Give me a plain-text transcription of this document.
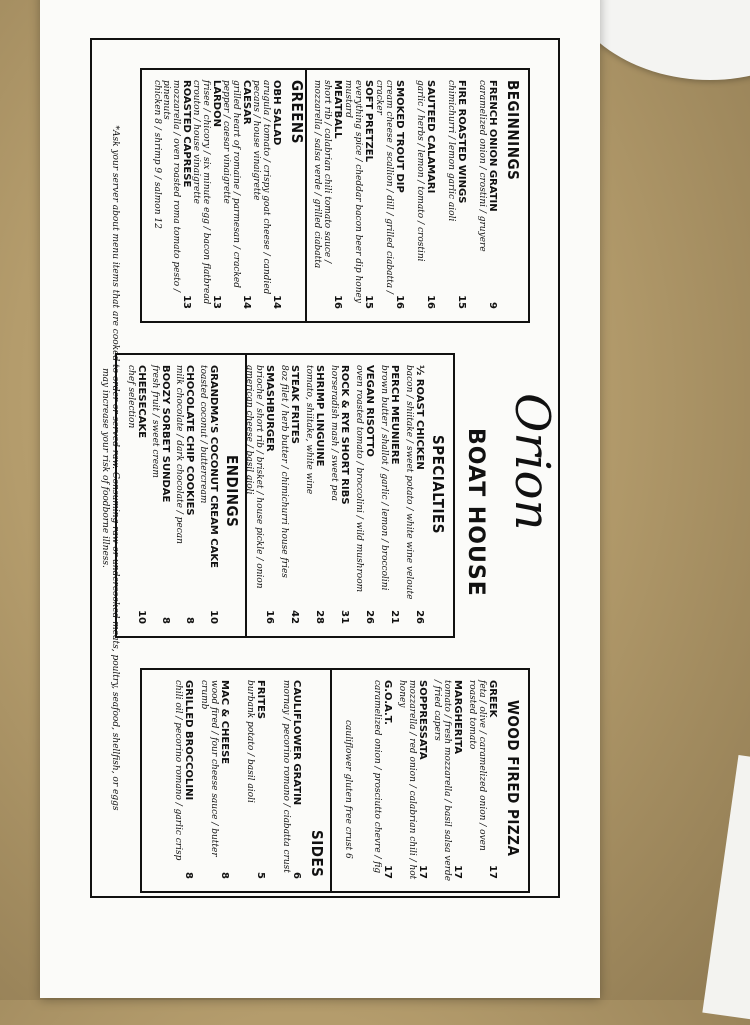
BEGINNINGS
FRENCH ONION GRATIN
caramelized onion / crostini / gruyere
9
FIRE ROASTED WINGS
chimichurri / lemon garlic aioli
15
SAUTEED CALAMARI
garlic / herbs / lemon / tomato / crostini
16
SMOKED TROUT DIP
cream cheese / scallion / dill / grilled ciabatta / cracker
16
SOFT PRETZEL
everything spice / cheddar bacon beer dip honey mustard
15
MEATBALL
short rib / calabrian chili tomato sauce / mozzarella / salsa verde / grilled ciabatta
16
GREENS
OBH SALAD
arugula / tomato / crispy goat cheese / candied pecans / house vinaigrette
14
CAESAR
grilled heart of romaine / parmesan / cracked pepper / caesar vinaigrette
14
LARDON
frisee / chicory / six minute egg / bacon flatbread crouton / house vinaigrette
13
ROASTED CAPRESE
mozzarella / oven roasted roma tomato pesto / pinenuts
13
chicken 8 / shrimp 9 / salmon 12
Orion
BOAT HOUSE
SPECIALTIES
½ ROAST CHICKEN
bacon / shiitake / sweet potato / white wine veloute
26
PERCH MEUNIERE
brown butter / shallot / garlic / lemon / broccolini
21
VEGAN RISOTTO
oven roasted tomato / broccolini / wild mushroom
26
ROCK & RYE SHORT RIBS
horseradish mash / sweet pea
31
SHRIMP LINGUINE
tomato, shiitake, white wine
28
STEAK FRITES
8oz filet / herb butter / chimichurri house fries
42
SMASHBURGER
brioche / short rib / brisket / house pickle / onion american cheese / basil aioli
16
ENDINGS
GRANDMA'S COCONUT CREAM CAKE
toasted coconut / buttercream
10
CHOCOLATE CHIP COOKIES
milk chocolate / dark chocolate / pecan
8
BOOZY SORBET SUNDAE
fresh fruit / sweet cream
8
CHEESECAKE
chef selection
10
WOOD FIRED PIZZA
GREEK
feta / olive / caramelized onion / oven roasted tomato
17
MARGHERITA
tomato / fresh mozzarella / basil salsa verde / fried capers
17
SOPPRESSATA
mozzarella / red onion / calabrian chili / hot honey
17
G.O.A.T.
caramelized onion / prosciutto chevre / fig 17
cauliflower gluten free crust 6
SIDES
CAULIFLOWER GRATIN
mornay / pecorino romano / ciabatta crust
6
FRITES
burbank potato / basil aioli
5
MAC & CHEESE
wood fired / four cheese sauce / butter crumb
8
GRILLED BROCCOLINI
chili oil / pecorino romano / garlic crisp
8
*Ask your server about menu items that are cooked to order or served raw. Consuming raw or undercooked meats, poultry, seafood, shellfish, or eggs may increase your risk of foodborne illness.
